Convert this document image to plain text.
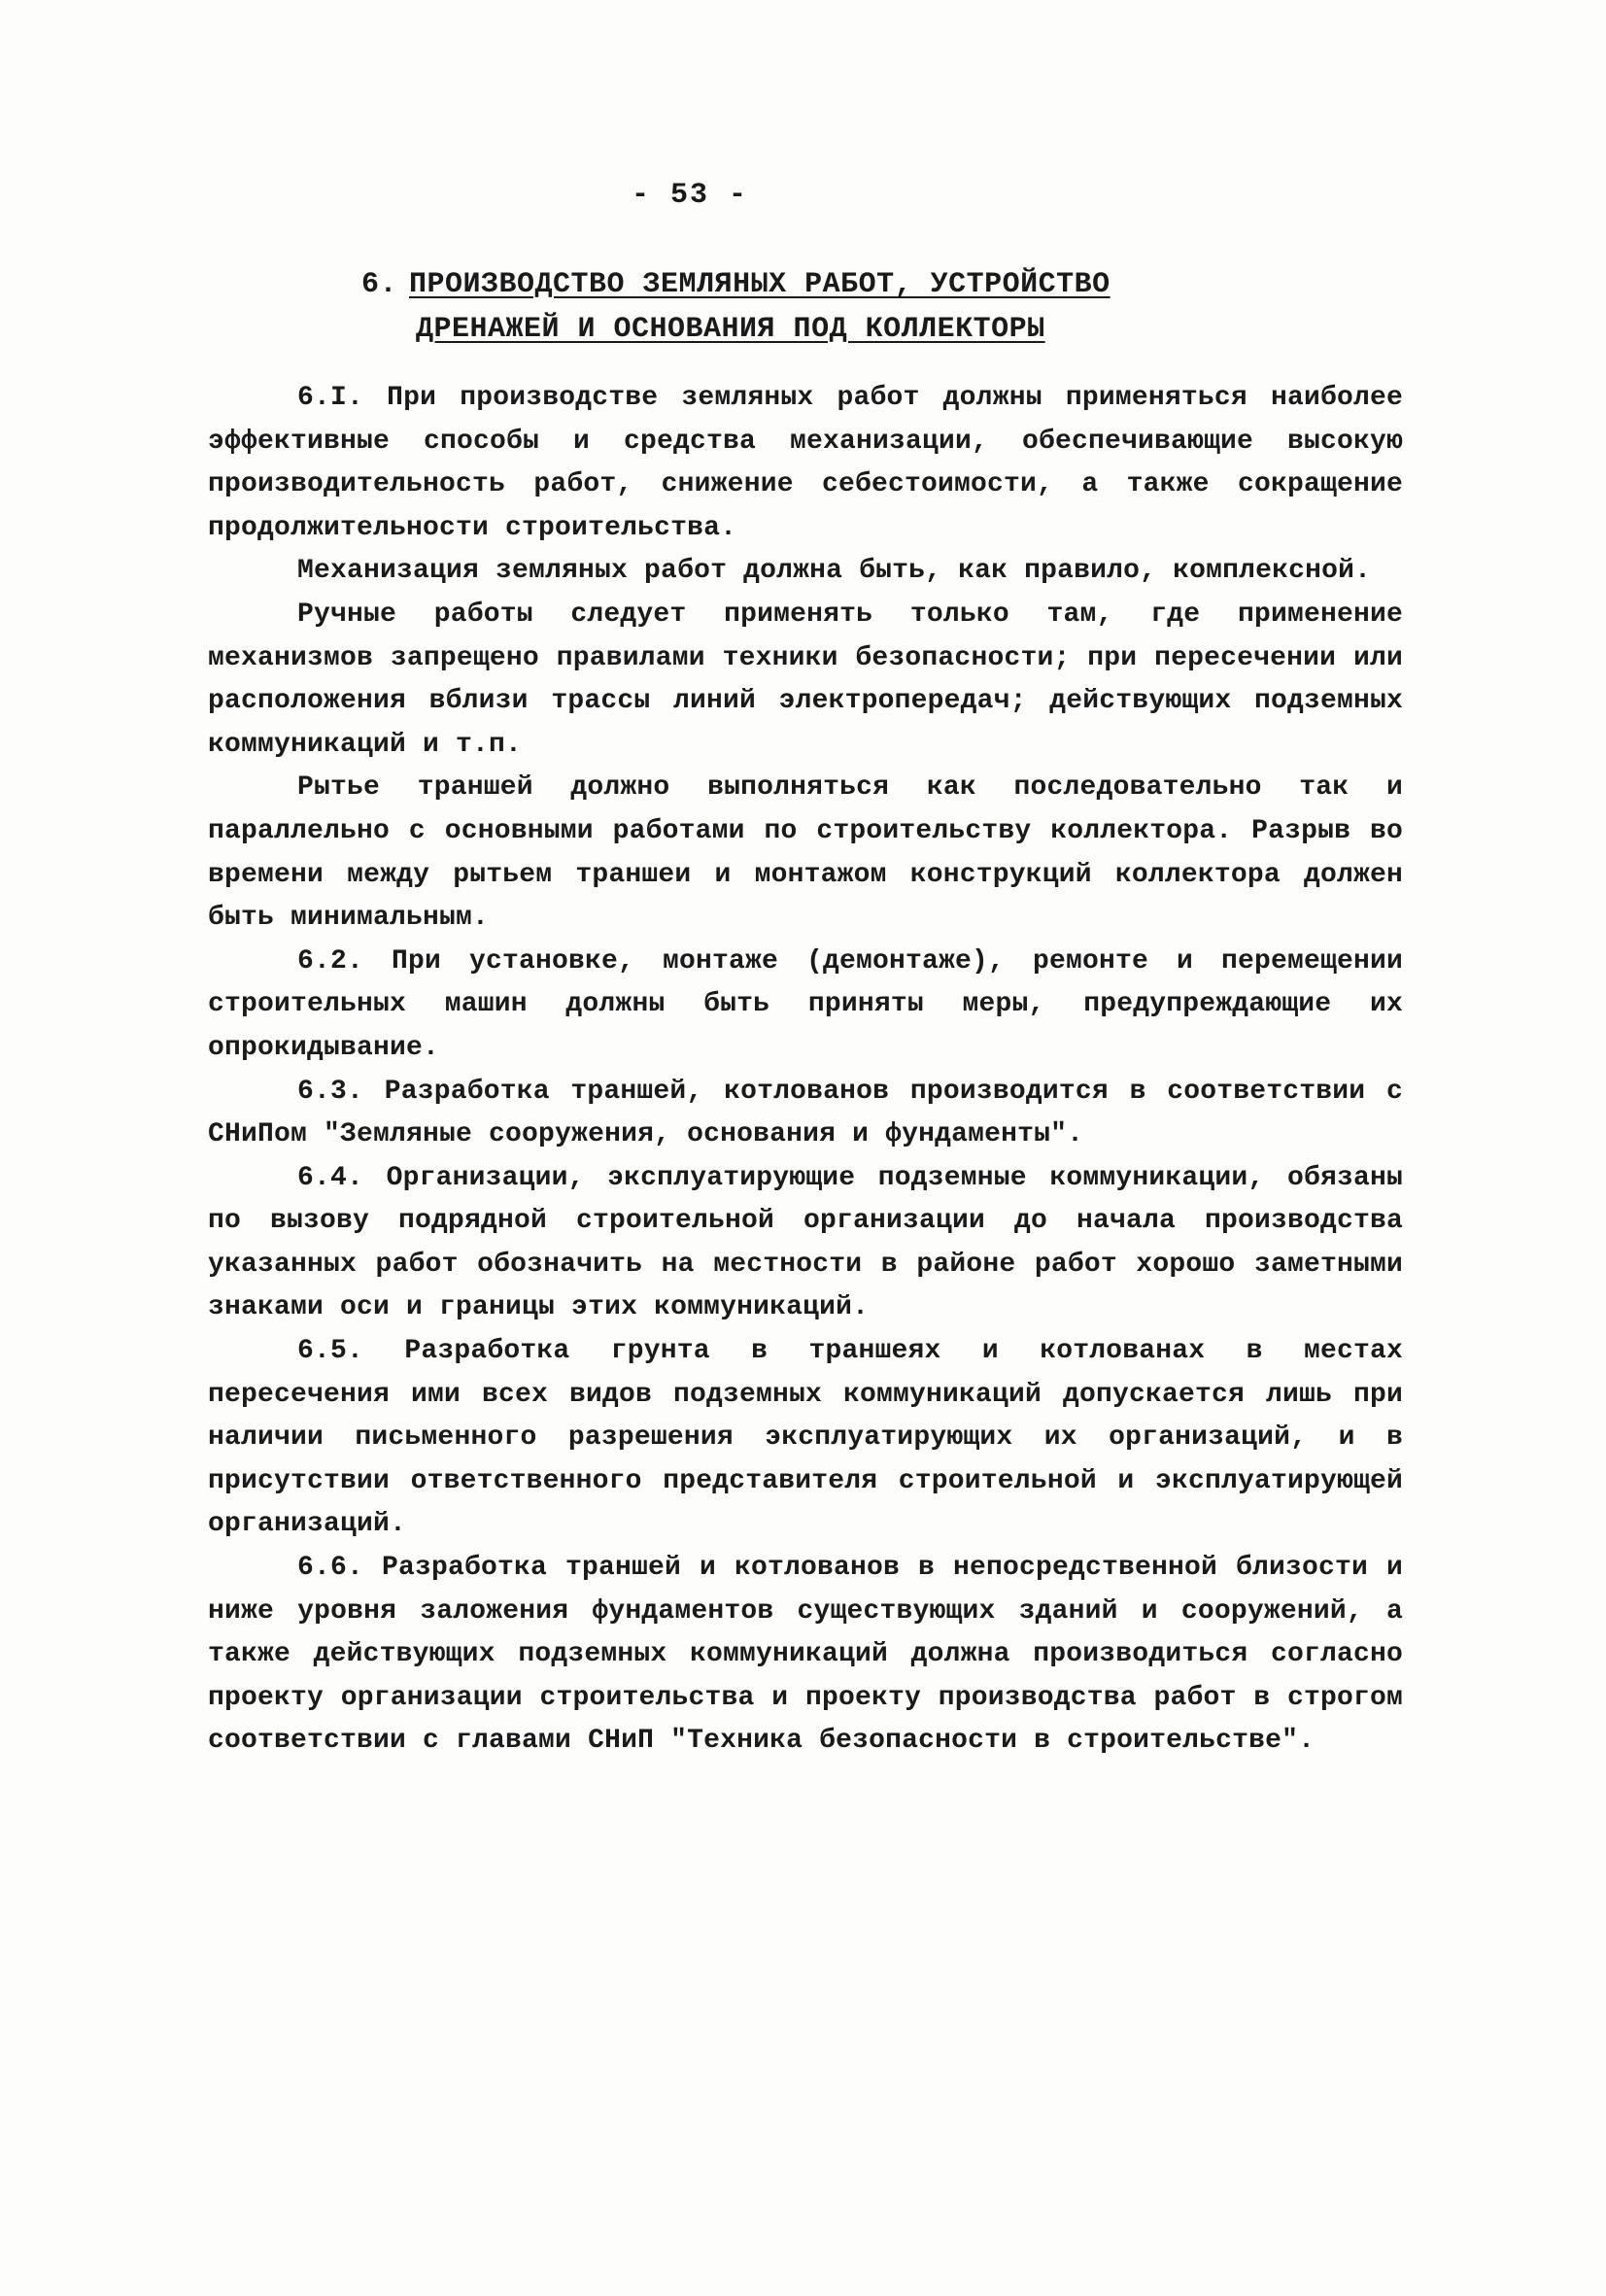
- 53 -
6. ПРОИЗВОДСТВО ЗЕМЛЯНЫХ РАБОТ, УСТРОЙСТВО
ДРЕНАЖЕЙ И ОСНОВАНИЯ ПОД КОЛЛЕКТОРЫ

6.I. При производстве земляных работ должны применяться наиболее эффективные способы и средства механизации, обеспечивающие высокую производительность работ, снижение себестоимости, а также сокращение продолжительности строительства.

Механизация земляных работ должна быть, как правило, комплексной.

Ручные работы следует применять только там, где применение механизмов запрещено правилами техники безопасности; при пересечении или расположения вблизи трассы линий электропередач; действующих подземных коммуникаций и т.п.

Рытье траншей должно выполняться как последовательно так и параллельно с основными работами по строительству коллектора. Разрыв во времени между рытьем траншеи и монтажом конструкций коллектора должен быть минимальным.

6.2. При установке, монтаже (демонтаже), ремонте и перемещении строительных машин должны быть приняты меры, предупреждающие их опрокидывание.

6.3. Разработка траншей, котлованов производится в соответствии с СНиПом "Земляные сооружения, основания и фундаменты".

6.4. Организации, эксплуатирующие подземные коммуникации, обязаны по вызову подрядной строительной организации до начала производства указанных работ обозначить на местности в районе работ хорошо заметными знаками оси и границы этих коммуникаций.

6.5. Разработка грунта в траншеях и котлованах в местах пересечения ими всех видов подземных коммуникаций допускается лишь при наличии письменного разрешения эксплуатирующих их организаций, и в присутствии ответственного представителя строительной и эксплуатирующей организаций.

6.6. Разработка траншей и котлованов в непосредственной близости и ниже уровня заложения фундаментов существующих зданий и сооружений, а также действующих подземных коммуникаций должна производиться согласно проекту организации строительства и проекту производства работ в строгом соответствии с главами СНиП "Техника безопасности в строительстве".
